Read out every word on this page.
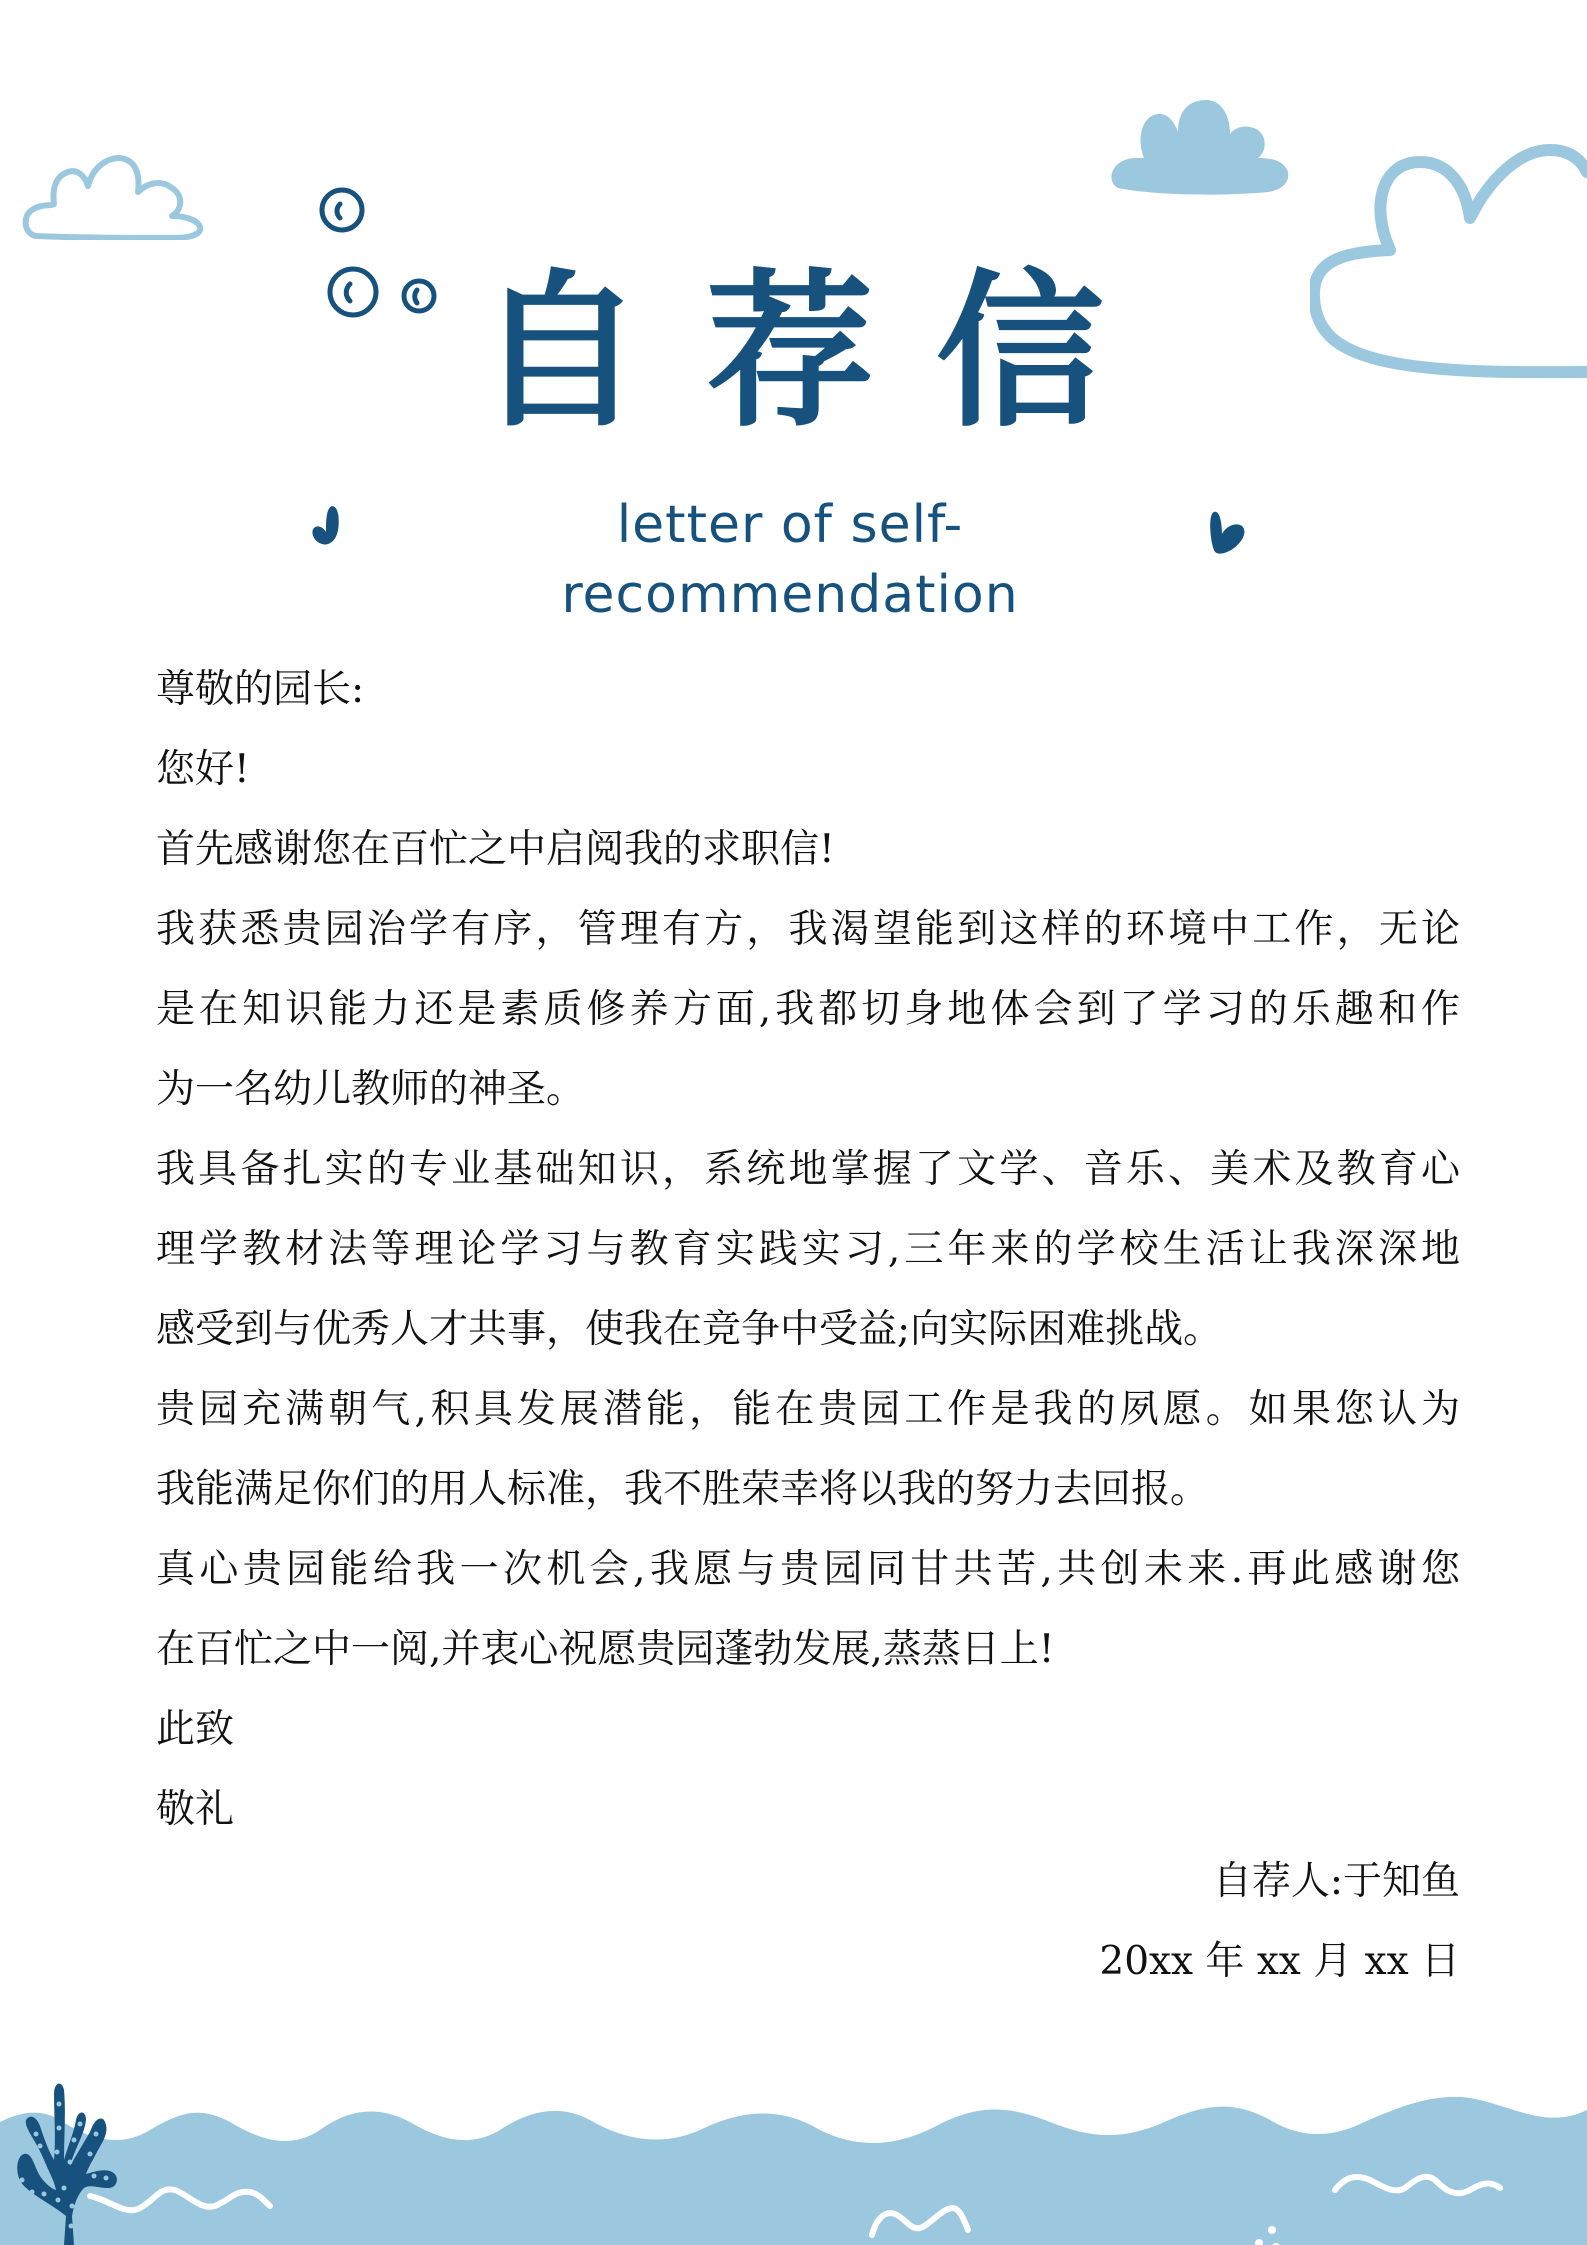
自 荐 信
letter of self-recommendation
尊敬的园长:
您好!
首先感谢您在百忙之中启阅我的求职信!
我获悉贵园治学有序，管理有方，我渴望能到这样的环境中工作，无论
是在知识能力还是素质修养方面,我都切身地体会到了学习的乐趣和作
为一名幼儿教师的神圣。
我具备扎实的专业基础知识，系统地掌握了文学、音乐、美术及教育心
理学教材法等理论学习与教育实践实习,三年来的学校生活让我深深地
感受到与优秀人才共事，使我在竞争中受益;向实际困难挑战。
贵园充满朝气,积具发展潜能，能在贵园工作是我的夙愿。如果您认为
我能满足你们的用人标准，我不胜荣幸将以我的努力去回报。
真心贵园能给我一次机会,我愿与贵园同甘共苦,共创未来.再此感谢您
在百忙之中一阅,并衷心祝愿贵园蓬勃发展,蒸蒸日上!
此致
敬礼
自荐人:于知鱼
20xx 年 xx 月 xx 日
